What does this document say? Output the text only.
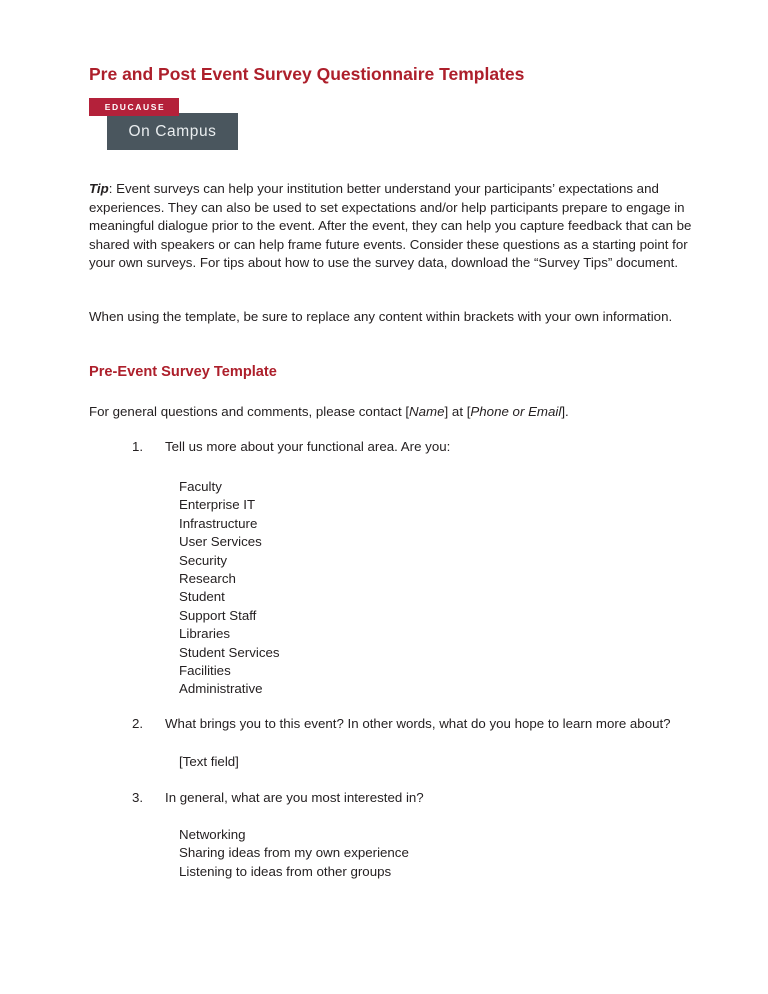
Pre and Post Event Survey Questionnaire Templates
EDUCAUSE
On Campus

Tip: Event surveys can help your institution better understand your participants’ expectations and experiences. They can also be used to set expectations and/or help participants prepare to engage in meaningful dialogue prior to the event. After the event, they can help you capture feedback that can be shared with speakers or can help frame future events. Consider these questions as a starting point for your own surveys. For tips about how to use the survey data, download the “Survey Tips” document.

When using the template, be sure to replace any content within brackets with your own information.

Pre-Event Survey Template

For general questions and comments, please contact [Name] at [Phone or Email].

1.	Tell us more about your functional area. Are you:
Faculty
Enterprise IT
Infrastructure
User Services
Security
Research
Student
Support Staff
Libraries
Student Services
Facilities
Administrative
2.	What brings you to this event? In other words, what do you hope to learn more about?
[Text field]
3.	In general, what are you most interested in?
Networking
Sharing ideas from my own experience
Listening to ideas from other groups
